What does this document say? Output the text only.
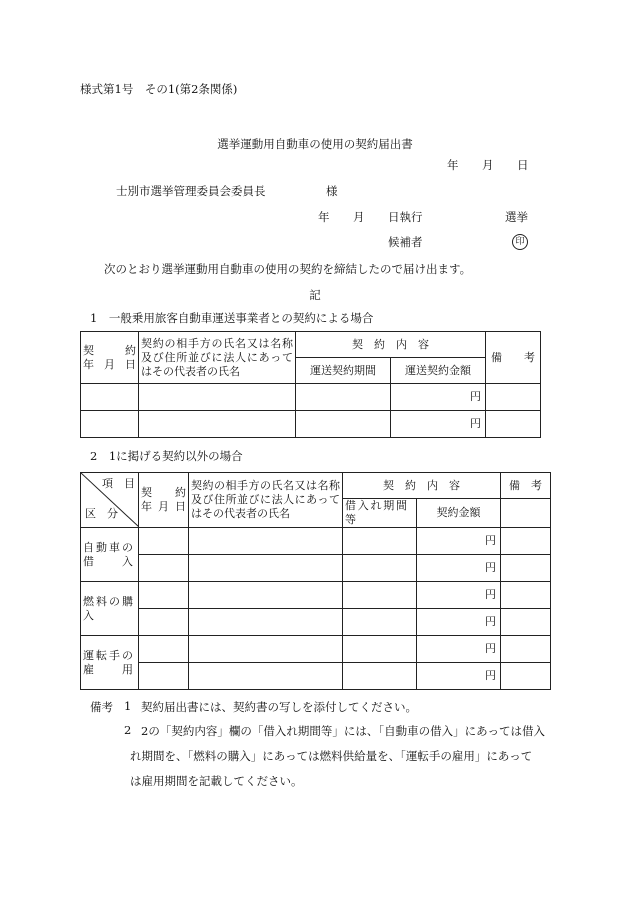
様式第1号　その1(第2条関係)
選挙運動用自動車の使用の契約届出書
年 月 日
士別市選挙管理委員会委員長	様
年 月 日執行	選挙
候補者	印
次のとおり選挙運動用自動車の使用の契約を締結したので届け出ます。
記
1　一般乗用旅客自動車運送事業者との契約による場合
契　約
年 月 日	契約の相手方の氏名又は名称及び住所並びに法人にあってはその代表者の氏名	契　約　内　容		備　　考
		運送契約期間	運送契約金額	
			円	
			円	
2　1に掲げる契約以外の場合
項　目
区　分	契　約
年 月 日	契約の相手方の氏名又は名称及び住所並びに法人にあってはその代表者の氏名	契　約　内　容		備　考

			借入れ期間等	契約金額	

自動車の借入				円	
				円	

燃料の購入				円	
				円	

運転手の雇用				円	
				円	
備考 1 契約届出書には、契約書の写しを添付してください。
2 2の「契約内容」欄の「借入れ期間等」には、「自動車の借入」にあっては借入
れ期間を、「燃料の購入」にあっては燃料供給量を、「運転手の雇用」にあって
は雇用期間を記載してください。
